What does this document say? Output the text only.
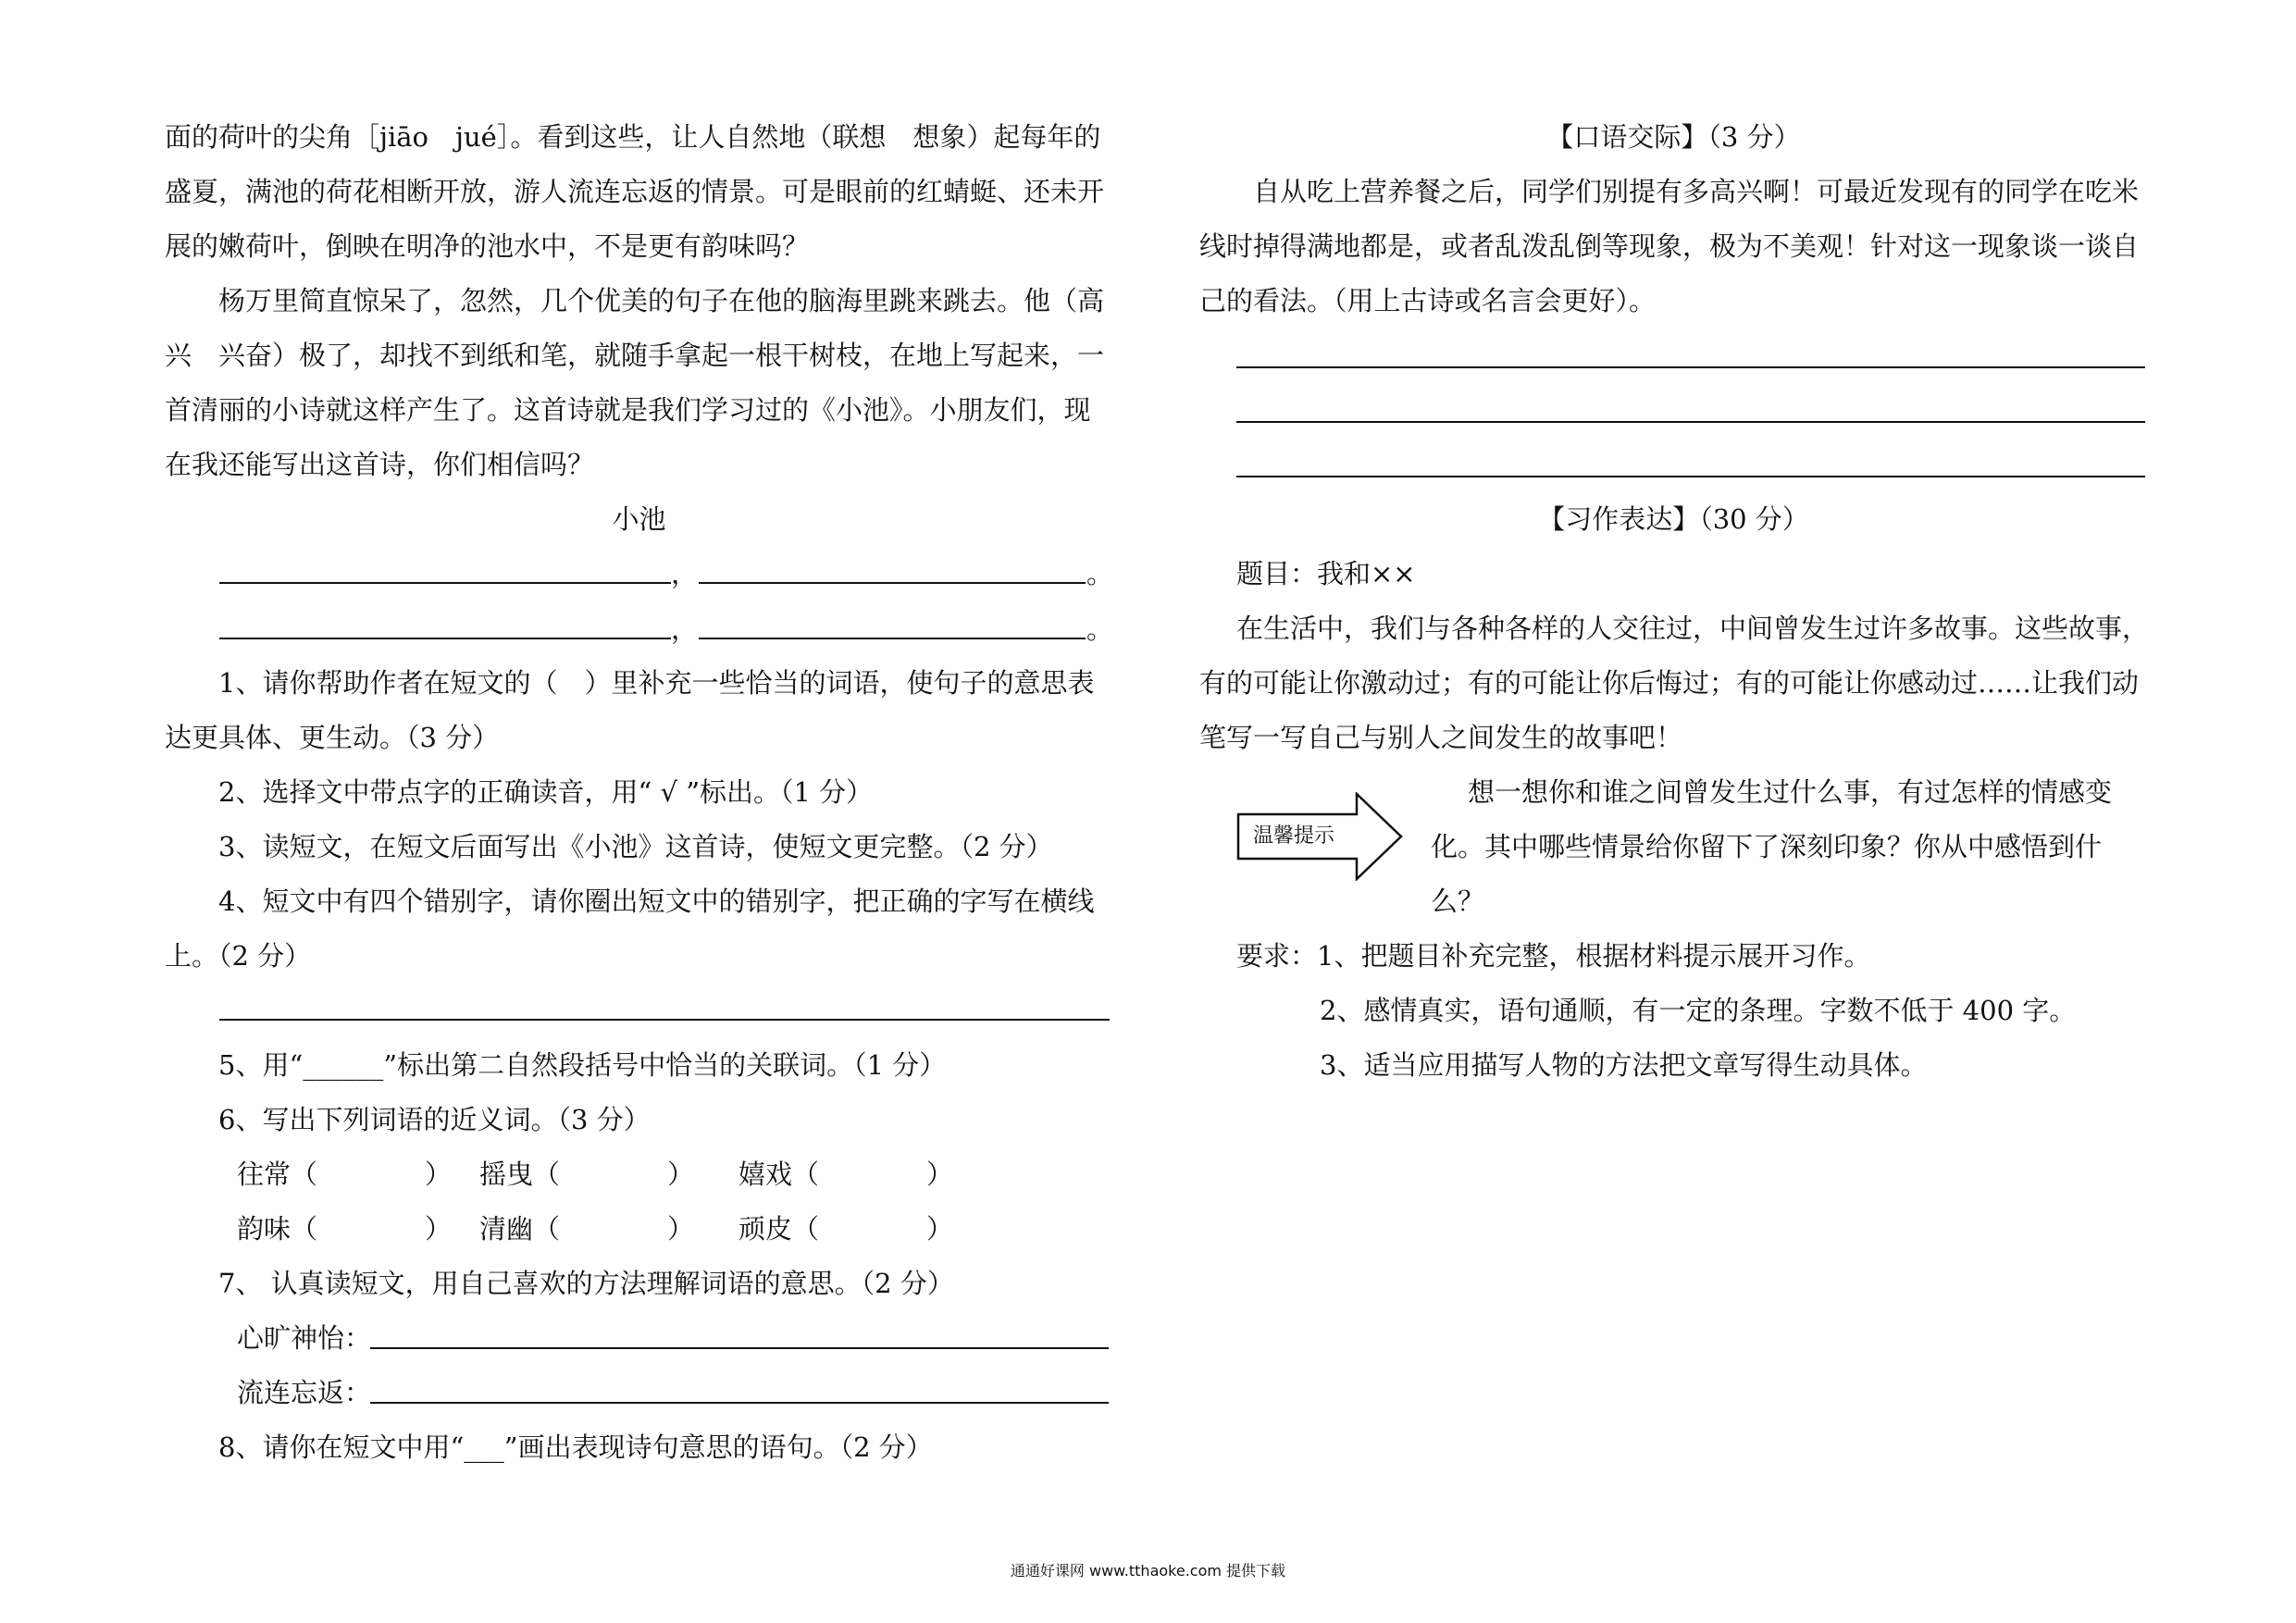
面的荷叶的尖角［jiāo　jué］。看到这些，让人自然地（联想　想象）起每年的
盛夏，满池的荷花相断开放，游人流连忘返的情景。可是眼前的红蜻蜓、还未开
展的嫩荷叶，倒映在明净的池水中，不是更有韵味吗？
杨万里简直惊呆了，忽然，几个优美的句子在他的脑海里跳来跳去。他（高
兴　兴奋）极了，却找不到纸和笔，就随手拿起一根干树枝，在地上写起来，一
首清丽的小诗就这样产生了。这首诗就是我们学习过的《小池》。小朋友们，现
在我还能写出这首诗，你们相信吗？
小池
，	。
，	。
1、请你帮助作者在短文的（　）里补充一些恰当的词语，使句子的意思表
达更具体、更生动。（3 分）
2、选择文中带点字的正确读音，用“ √ ”标出。（1 分）
3、读短文，在短文后面写出《小池》这首诗，使短文更完整。（2 分）
4、短文中有四个错别字，请你圈出短文中的错别字，把正确的字写在横线
上。（2 分）
5、用“______”标出第二自然段括号中恰当的关联词。（1 分）
6、写出下列词语的近义词。（3 分）
往常（　　　　） 摇曳（　　　　） 嬉戏（　　　　）
韵味（　　　　） 清幽（　　　　） 顽皮（　　　　）
7、 认真读短文，用自己喜欢的方法理解词语的意思。（2 分）
心旷神怡：
流连忘返：
8、请你在短文中用“___”画出表现诗句意思的语句。（2 分）
【口语交际】（3 分）
自从吃上营养餐之后，同学们别提有多高兴啊！可最近发现有的同学在吃米
线时掉得满地都是，或者乱泼乱倒等现象，极为不美观！针对这一现象谈一谈自
己的看法。（用上古诗或名言会更好）。
【习作表达】（30 分）
题目：我和××
在生活中，我们与各种各样的人交往过，中间曾发生过许多故事。这些故事，
有的可能让你激动过；有的可能让你后悔过；有的可能让你感动过……让我们动
笔写一写自己与别人之间发生的故事吧！
想一想你和谁之间曾发生过什么事，有过怎样的情感变
化。其中哪些情景给你留下了深刻印象？你从中感悟到什
么？
要求：1、把题目补充完整，根据材料提示展开习作。
2、感情真实，语句通顺，有一定的条理。字数不低于 400 字。
3、适当应用描写人物的方法把文章写得生动具体。
温馨提示
通通好课网 www.tthaoke.com 提供下载
